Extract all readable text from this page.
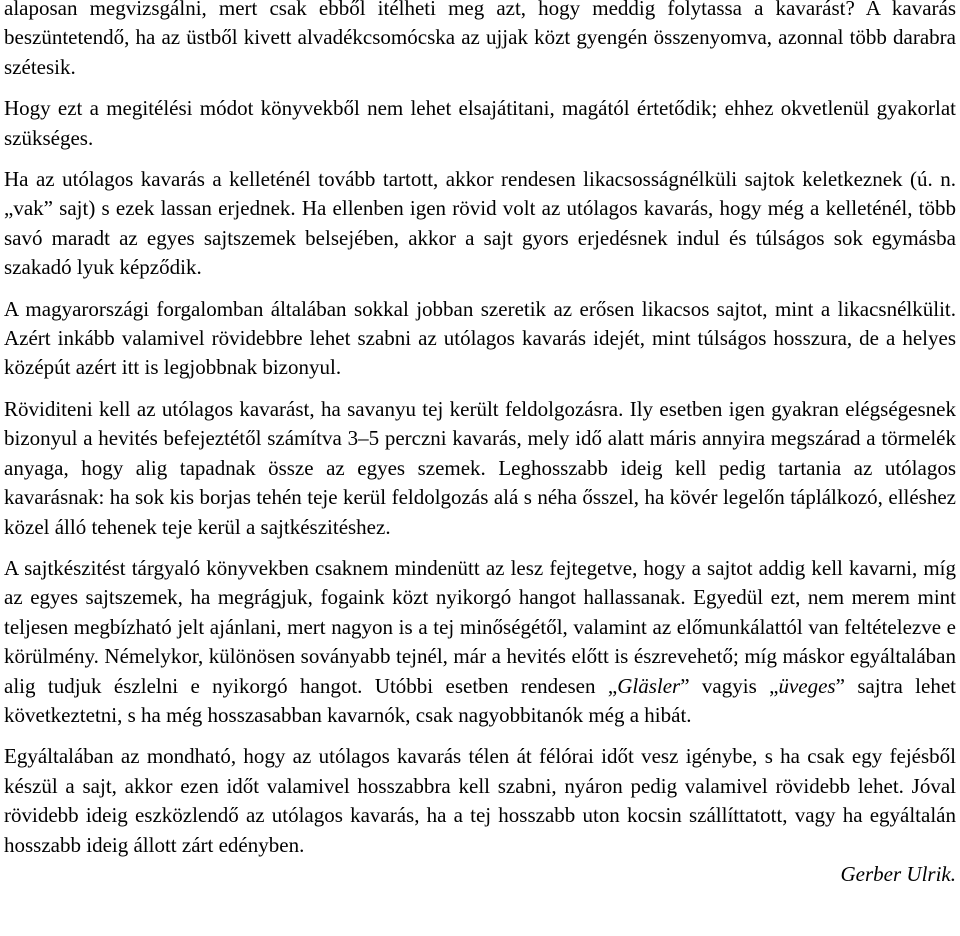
alaposan megvizsgálni, mert csak ebből itélheti meg azt, hogy meddig folytassa a kavarást? A kavarás beszüntetendő, ha az üstből kivett alvadékcsomócska az ujjak közt gyengén összenyomva, azonnal több darabra szétesik.

Hogy ezt a megitélési módot könyvekből nem lehet elsajátitani, magától értetődik; ehhez okvetlenül gyakorlat szükséges.

Ha az utólagos kavarás a kelleténél tovább tartott, akkor rendesen likacsosságnélküli sajtok keletkeznek (ú. n. „vak” sajt) s ezek lassan erjednek. Ha ellenben igen rövid volt az utólagos kavarás, hogy még a kelleténél, több savó maradt az egyes sajtszemek belsejében, akkor a sajt gyors erjedésnek indul és túlságos sok egymásba szakadó lyuk képződik.

A magyarországi forgalomban általában sokkal jobban szeretik az erősen likacsos sajtot, mint a likacsnélkülit. Azért inkább valamivel rövidebbre lehet szabni az utólagos kavarás idejét, mint túlságos hosszura, de a helyes középút azért itt is legjobbnak bizonyul.

Röviditeni kell az utólagos kavarást, ha savanyu tej került feldolgozásra. Ily esetben igen gyakran elégségesnek bizonyul a hevités befejeztétől számítva 3–5 perczni kavarás, mely idő alatt máris annyira megszárad a törmelék anyaga, hogy alig tapadnak össze az egyes szemek. Leghosszabb ideig kell pedig tartania az utólagos kavarásnak: ha sok kis borjas tehén teje kerül feldolgozás alá s néha ősszel, ha kövér legelőn táplálkozó, elléshez közel álló tehenek teje kerül a sajtkészitéshez.

A sajtkészitést tárgyaló könyvekben csaknem mindenütt az lesz fejtegetve, hogy a sajtot addig kell kavarni, míg az egyes sajtszemek, ha megrágjuk, fogaink közt nyikorgó hangot hallassanak. Egyedül ezt, nem merem mint teljesen megbízható jelt ajánlani, mert nagyon is a tej minőségétől, valamint az előmunkálattól van feltételezve e körülmény. Némelykor, különösen soványabb tejnél, már a hevités előtt is észrevehető; míg máskor egyáltalában alig tudjuk észlelni e nyikorgó hangot. Utóbbi esetben rendesen „Gläsler” vagyis „üveges” sajtra lehet következtetni, s ha még hosszasabban kavarnók, csak nagyobbitanók még a hibát.

Egyáltalában az mondható, hogy az utólagos kavarás télen át félórai időt vesz igénybe, s ha csak egy fejésből készül a sajt, akkor ezen időt valamivel hosszabbra kell szabni, nyáron pedig valamivel rövidebb lehet. Jóval rövidebb ideig eszközlendő az utólagos kavarás, ha a tej hosszabb uton kocsin szállíttatott, vagy ha egyáltalán hosszabb ideig állott zárt edényben.

Gerber Ulrik.
